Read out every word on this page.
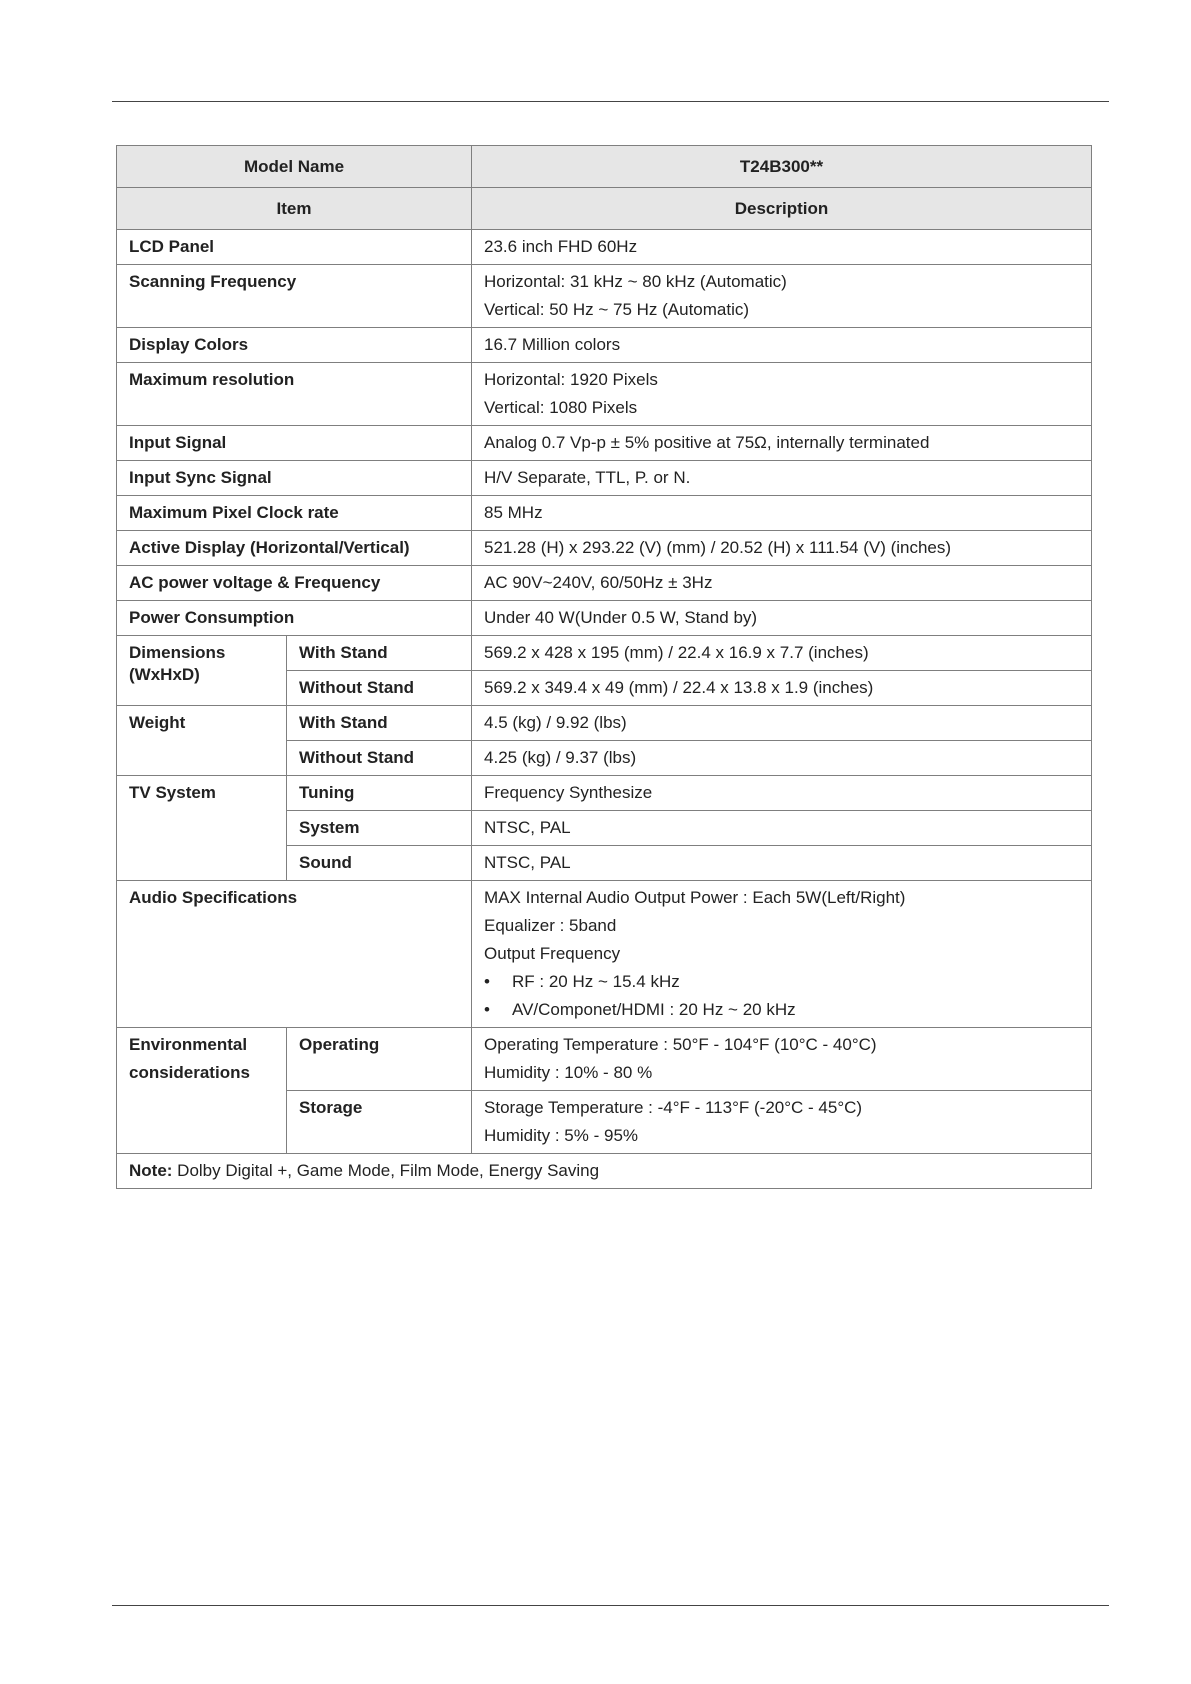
Model Name		T24B300**
Item		Description
LCD Panel		23.6 inch FHD 60Hz
Scanning Frequency		Horizontal: 31 kHz ~ 80 kHz (Automatic)
Vertical: 50 Hz ~ 75 Hz (Automatic)

Display Colors		16.7 Million colors
Maximum resolution		Horizontal: 1920 Pixels
Vertical: 1080 Pixels

Input Signal		Analog 0.7 Vp-p ± 5% positive at 75Ω, internally terminated
Input Sync Signal		H/V Separate, TTL, P. or N.
Maximum Pixel Clock rate		85 MHz
Active Display (Horizontal/Vertical)		521.28 (H) x 293.22 (V) (mm) / 20.52 (H) x 111.54 (V) (inches)
AC power voltage & Frequency		AC 90V~240V, 60/50Hz ± 3Hz
Power Consumption		Under 40 W(Under 0.5 W, Stand by)
Dimensions (WxHxD)	With Stand	569.2 x 428 x 195 (mm) / 22.4 x 16.9 x 7.7 (inches)
	Without Stand	569.2 x 349.4 x 49 (mm) / 22.4 x 13.8 x 1.9 (inches)
Weight	With Stand	4.5 (kg) / 9.92 (lbs)
	Without Stand	4.25 (kg) / 9.37 (lbs)
TV System	Tuning	Frequency Synthesize
	System	NTSC, PAL
	Sound	NTSC, PAL
Audio Specifications		MAX Internal Audio Output Power : Each 5W(Left/Right)
Equalizer : 5band
Output Frequency
• RF : 20 Hz ~ 15.4 kHz
• AV/Componet/HDMI : 20 Hz ~ 20 kHz

Environmental
considerations	Operating	Operating Temperature : 50°F - 104°F (10°C - 40°C)
Humidity : 10% - 80 %

	Storage	Storage Temperature : -4°F - 113°F (-20°C - 45°C)
Humidity : 5% - 95%

Note: Dolby Digital +, Game Mode, Film Mode, Energy Saving		
